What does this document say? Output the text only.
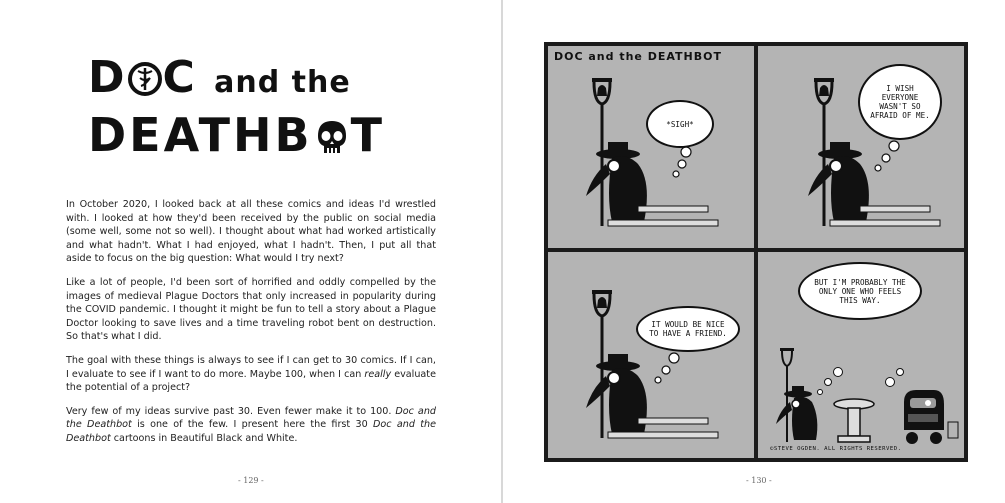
D C and the
DEATHB T

In October 2020, I looked back at all these comics and ideas I'd wrestled with. I looked at how they'd been received by the public on social media (some well, some not so well). I thought about what had worked artistically and what hadn't. What I had enjoyed, what I hadn't. Then, I put all that aside to focus on the big question: What would I try next?

Like a lot of people, I'd been sort of horrified and oddly compelled by the images of medieval Plague Doctors that only increased in popularity during the COVID pandemic. I thought it might be fun to tell a story about a Plague Doctor looking to save lives and a time traveling robot bent on destruction. So that's what I did.

The goal with these things is always to see if I can get to 30 comics. If I can, I evaluate to see if I want to do more. Maybe 100, when I can really evaluate the potential of a project?

Very few of my ideas survive past 30. Even fewer make it to 100. Doc and the Deathbot is one of the few. I present here the first 30 Doc and the Deathbot cartoons in Beautiful Black and White.

- 129 -
DOC and the DEATHBOT
*SIGH*
I WISH EVERYONE WASN'T SO AFRAID OF ME.
IT WOULD BE NICE TO HAVE A FRIEND.
BUT I'M PROBABLY THE ONLY ONE WHO FEELS THIS WAY.
©STEVE OGDEN. ALL RIGHTS RESERVED.
- 130 -
